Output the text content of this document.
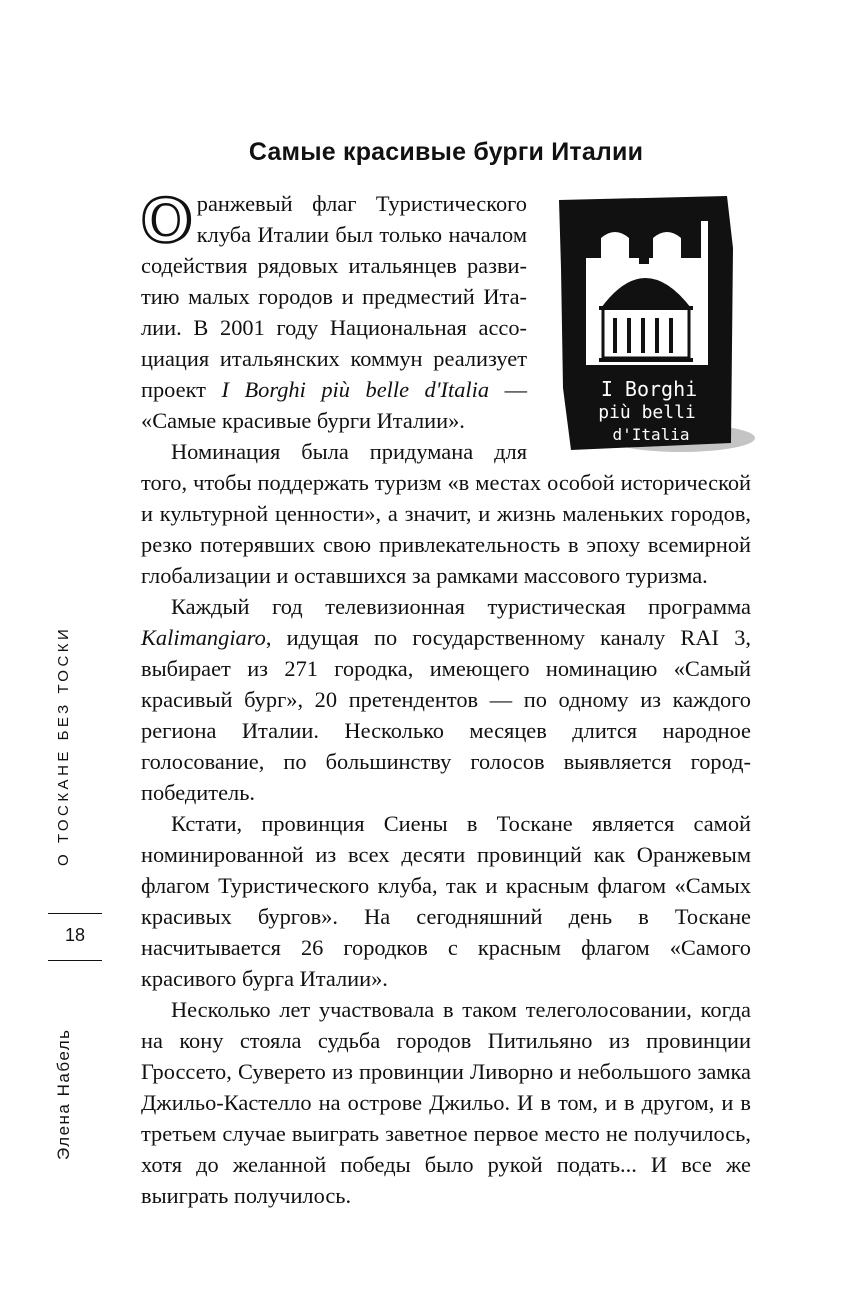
Самые красивые бурги Италии
I Borghi
più belli
d'Italia

Оранжевый флаг Туристического клуба Италии был только началом содействия рядовых итальянцев развитию малых городов и предместий Италии. В 2001 году Национальная ассоциация итальянских коммун реализует проект I Borghi più belle d'Italia — «Самые красивые бурги Италии».

Номинация была придумана для того, чтобы поддержать туризм «в местах особой исторической и культурной ценности», а значит, и жизнь маленьких городов, резко потерявших свою привлекательность в эпоху всемирной глобализации и оставшихся за рамками массового туризма.

Каждый год телевизионная туристическая программа Kalimangiaro, идущая по государственному каналу RAI 3, выбирает из 271 городка, имеющего номинацию «Самый красивый бург», 20 претендентов — по одному из каждого региона Италии. Несколько месяцев длится народное голосование, по большинству голосов выявляется город-победитель.

Кстати, провинция Сиены в Тоскане является самой номинированной из всех десяти провинций как Оранжевым флагом Туристического клуба, так и красным флагом «Самых красивых бургов». На сегодняшний день в Тоскане насчитывается 26 городков с красным флагом «Самого красивого бурга Италии».

Несколько лет участвовала в таком телеголосовании, когда на кону стояла судьба городов Питильяно из провинции Гроссето, Суверето из провинции Ливорно и небольшого замка Джильо-Кастелло на острове Джильо. И в том, и в другом, и в третьем случае выиграть заветное первое место не получилось, хотя до желанной победы было рукой подать... И все же выиграть получилось.

О ТОСКАНЕ БЕЗ ТОСКИ
18
Элена Набель
